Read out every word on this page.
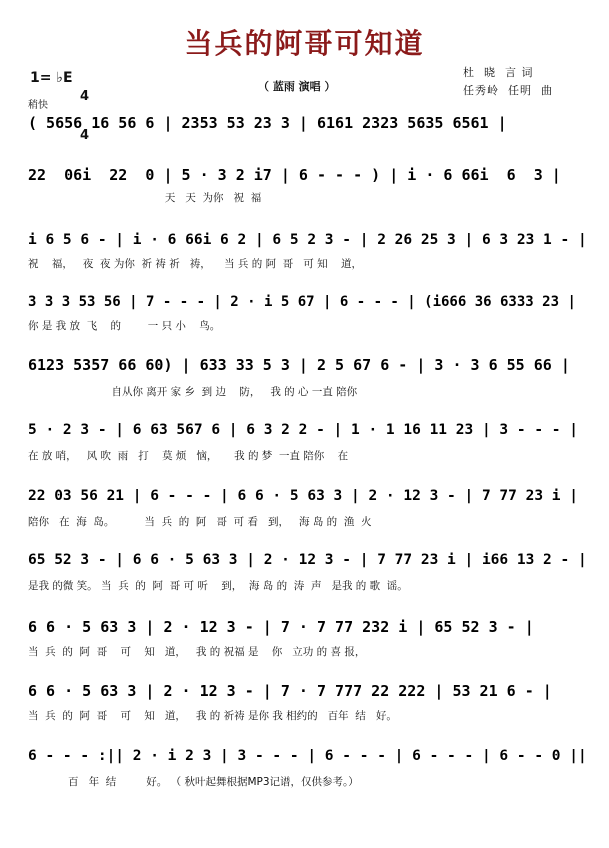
当兵的阿哥可知道
1= ♭E

4

4

稍快
（ 蓝雨 演唱 ）
杜  晓  言 词
任秀岭  任明  曲
( 5656 16 56 6 | 2353 53 23 3 | 6161 2323 5635 6561 |
22  06i  22  0 | 5 · 3 2 i7 | 6 - - - ) | i · 6 66i  6  3 |
天   天  为你   祝  福
i 6 5 6 - | i · 6 66i 6 2 | 6 5 2 3 - | 2 26 25 3 | 6 3 23 1 - |
祝    福，   夜  夜 为你  祈 祷 祈   祷，    当 兵 的 阿  哥   可 知    道，
3 3 3 53 56 | 7 - - - | 2 · i 5 67 | 6 - - - | (i666 36 6333 23 |
你 是 我 放  飞    的        一 只 小    鸟。
6123 5357 66 60) | 633 33 5 3 | 2 5 67 6 - | 3 · 3 6 55 66 |
自从你 离开 家 乡  到 边    防，   我 的 心 一直 陪你
5 · 2 3 - | 6 63 567 6 | 6 3 2 2 - | 1 · 1 16 11 23 | 3 - - - |
在 放 哨，   风 吹  雨   打    莫 烦   恼，     我 的 梦  一直 陪你    在
22 03 56 21 | 6 - - - | 6 6 · 5 63 3 | 2 · 12 3 - | 7 77 23 i |
陪你   在  海  岛。         当  兵  的  阿   哥  可 看   到，   海 岛 的  渔  火
65 52 3 - | 6 6 · 5 63 3 | 2 · 12 3 - | 7 77 23 i | i66 13 2 - |
是我 的微 笑。 当  兵  的  阿  哥 可 听    到，  海 岛 的  涛  声   是我 的 歌  谣。
6 6 · 5 63 3 | 2 · 12 3 - | 7 · 7 77 232 i | 65 52 3 - |
当  兵  的  阿  哥    可    知   道，   我 的 祝福 是    你   立功 的 喜 报，
6 6 · 5 63 3 | 2 · 12 3 - | 7 · 7 777 22 222 | 53 21 6 - |
当  兵  的  阿  哥    可    知   道，   我 的 祈祷 是你 我 相约的   百年  结   好。
6 - - - :|| 2 · i 2 3 | 3 - - - | 6 - - - | 6 - - - | 6 - - 0 ||
百   年  结         好。 （ 秋叶起舞根据MP3记谱，仅供参考。）
